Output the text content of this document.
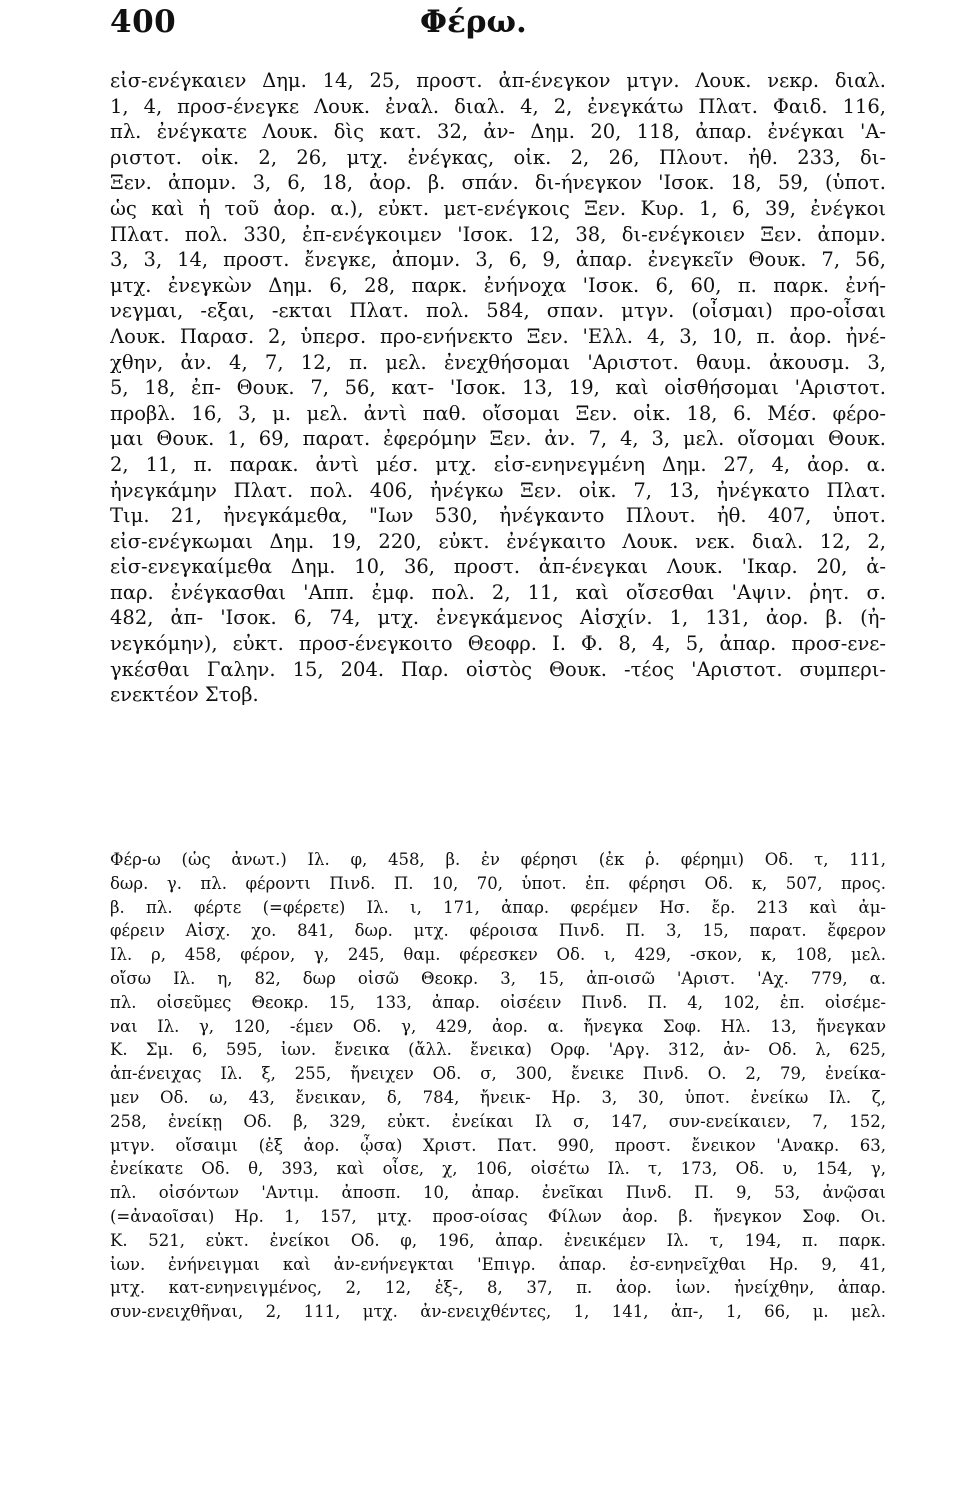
400	Φέρω.
εἰσ-ενέγκαιεν Δημ. 14, 25, προστ. ἀπ-ένεγκον μτγν. Λουκ. νεκρ. διαλ.
1, 4, προσ-ένεγκε Λουκ. ἐναλ. διαλ. 4, 2, ἐνεγκάτω Πλατ. Φαιδ. 116,
πλ. ἐνέγκατε Λουκ. δὶς κατ. 32, ἀν- Δημ. 20, 118, ἀπαρ. ἐνέγκαι 'Α-
ριστοτ. οἰκ. 2, 26, μτχ. ἐνέγκας, οἰκ. 2, 26, Πλουτ. ἠθ. 233, δι-
Ξεν. ἀπομν. 3, 6, 18, ἀορ. β. σπάν. δι-ήνεγκον 'Ισοκ. 18, 59, (ὑποτ.
ὡς καὶ ἡ τοῦ ἀορ. α.), εὐκτ. μετ-ενέγκοις Ξεν. Κυρ. 1, 6, 39, ἐνέγκοι
Πλατ. πολ. 330, ἐπ-ενέγκοιμεν 'Ισοκ. 12, 38, δι-ενέγκοιεν Ξεν. ἀπομν.
3, 3, 14, προστ. ἔνεγκε, ἀπομν. 3, 6, 9, ἀπαρ. ἐνεγκεῖν Θουκ. 7, 56,
μτχ. ἐνεγκὼν Δημ. 6, 28, παρκ. ἐνήνοχα 'Ισοκ. 6, 60, π. παρκ. ἐνή-
νεγμαι, -εξαι, -εκται Πλατ. πολ. 584, σπαν. μτγν. (οἶσμαι) προ-οἶσαι
Λουκ. Παρασ. 2, ὑπερσ. προ-ενήνεκτο Ξεν. 'Ελλ. 4, 3, 10, π. ἀορ. ἠνέ-
χθην, ἀν. 4, 7, 12, π. μελ. ἐνεχθήσομαι 'Αριστοτ. θαυμ. ἀκουσμ. 3,
5, 18, ἐπ- Θουκ. 7, 56, κατ- 'Ισοκ. 13, 19, καὶ οἰσθήσομαι 'Αριστοτ.
προβλ. 16, 3, μ. μελ. ἀντὶ παθ. οἴσομαι Ξεν. οἰκ. 18, 6. Μέσ. φέρο-
μαι Θουκ. 1, 69, παρατ. ἐφερόμην Ξεν. ἀν. 7, 4, 3, μελ. οἴσομαι Θουκ.
2, 11, π. παρακ. ἀντὶ μέσ. μτχ. εἰσ-ενηνεγμένη Δημ. 27, 4, ἀορ. α.
ἠνεγκάμην Πλατ. πολ. 406, ἠνέγκω Ξεν. οἰκ. 7, 13, ἠνέγκατο Πλατ.
Τιμ. 21, ἠνεγκάμεθα, "Ιων 530, ἠνέγκαντο Πλουτ. ἠθ. 407, ὑποτ.
εἰσ-ενέγκωμαι Δημ. 19, 220, εὐκτ. ἐνέγκαιτο Λουκ. νεκ. διαλ. 12, 2,
εἰσ-ενεγκαίμεθα Δημ. 10, 36, προστ. ἀπ-ένεγκαι Λουκ. 'Ικαρ. 20, ἀ-
παρ. ἐνέγκασθαι 'Αππ. ἐμφ. πολ. 2, 11, καὶ οἴσεσθαι 'Αψιν. ῥητ. σ.
482, ἀπ- 'Ισοκ. 6, 74, μτχ. ἐνεγκάμενος Αἰσχίν. 1, 131, ἀορ. β. (ἠ-
νεγκόμην), εὐκτ. προσ-ένεγκοιτο Θεοφρ. Ι. Φ. 8, 4, 5, ἀπαρ. προσ-ενε-
γκέσθαι Γαλην. 15, 204. Παρ. οἰστὸς Θουκ. -τέος 'Αριστοτ. συμπερι-
ενεκτέον Στοβ.
Φέρ-ω (ὡς ἀνωτ.) Ιλ. φ, 458, β. ἐν φέρησι (ἐκ ῥ. φέρημι) Οδ. τ, 111,
δωρ. γ. πλ. φέροντι Πινδ. Π. 10, 70, ὑποτ. ἐπ. φέρησι Οδ. κ, 507, προς.
β. πλ. φέρτε (=φέρετε) Ιλ. ι, 171, ἀπαρ. φερέμεν Ησ. ἔρ. 213 καὶ ἀμ-
φέρειν Αἰσχ. χο. 841, δωρ. μτχ. φέροισα Πινδ. Π. 3, 15, παρατ. ἔφερον
Ιλ. ρ, 458, φέρον, γ, 245, θαμ. φέρεσκεν Οδ. ι, 429, -σκον, κ, 108, μελ.
οἴσω Ιλ. η, 82, δωρ οἰσῶ Θεοκρ. 3, 15, ἀπ-οισῶ 'Αριστ. 'Αχ. 779, α.
πλ. οἰσεῦμες Θεοκρ. 15, 133, ἀπαρ. οἰσέειν Πινδ. Π. 4, 102, ἐπ. οἰσέμε-
ναι Ιλ. γ, 120, -έμεν Οδ. γ, 429, ἀορ. α. ἤνεγκα Σοφ. Ηλ. 13, ἤνεγκαν
Κ. Σμ. 6, 595, ἰων. ἔνεικα (ἄλλ. ἔνεικα) Ορφ. 'Αργ. 312, ἀν- Οδ. λ, 625,
ἀπ-ένειχας Ιλ. ξ, 255, ἤνειχεν Οδ. σ, 300, ἔνεικε Πινδ. Ο. 2, 79, ἐνείκα-
μεν Οδ. ω, 43, ἔνεικαν, δ, 784, ἤνεικ- Ηρ. 3, 30, ὑποτ. ἐνείκω Ιλ. ζ,
258, ἐνείκῃ Οδ. β, 329, εὐκτ. ἐνείκαι Ιλ σ, 147, συν-ενείκαιεν, 7, 152,
μτγν. οἴσαιμι (ἐξ ἀορ. ᾦσα) Χριστ. Πατ. 990, προστ. ἔνεικον 'Ανακρ. 63,
ἐνείκατε Οδ. θ, 393, καὶ οἶσε, χ, 106, οἰσέτω Ιλ. τ, 173, Οδ. υ, 154, γ,
πλ. οἰσόντων 'Αντιμ. ἀποσπ. 10, ἀπαρ. ἐνεῖκαι Πινδ. Π. 9, 53, ἀνῷσαι
(=ἀναοῖσαι) Ηρ. 1, 157, μτχ. προσ-οίσας Φίλων ἀορ. β. ἤνεγκον Σοφ. Οι.
Κ. 521, εὐκτ. ἐνείκοι Οδ. φ, 196, ἀπαρ. ἐνεικέμεν Ιλ. τ, 194, π. παρκ.
ἰων. ἐνήνειγμαι καὶ ἀν-ενήνεγκται 'Επιγρ. ἀπαρ. ἐσ-ενηνεῖχθαι Ηρ. 9, 41,
μτχ. κατ-ενηνειγμένος, 2, 12, ἐξ-, 8, 37, π. ἀορ. ἰων. ἠνείχθην, ἀπαρ.
συν-ενειχθῆναι, 2, 111, μτχ. ἀν-ενειχθέντες, 1, 141, ἀπ-, 1, 66, μ. μελ.
